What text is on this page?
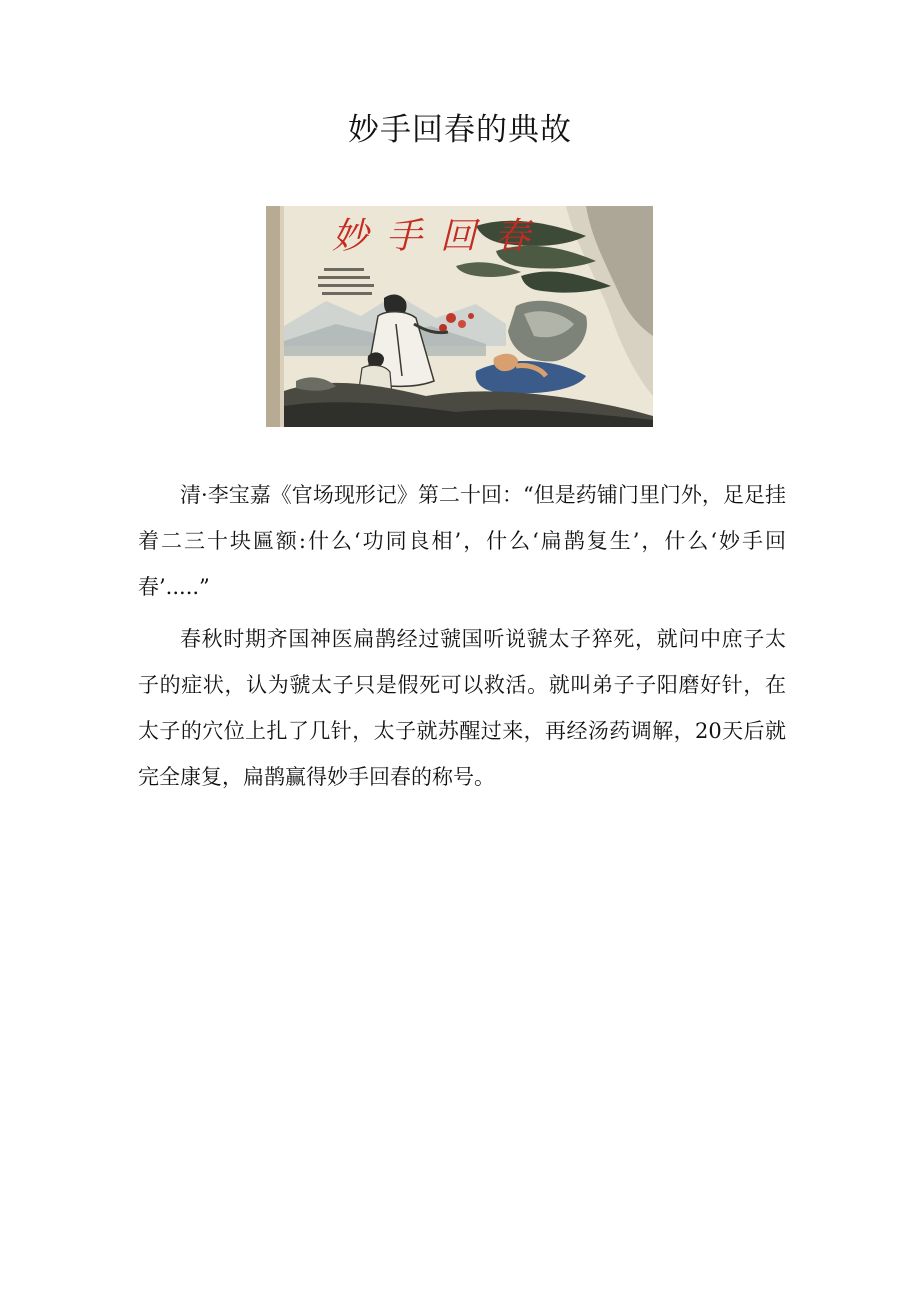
妙手回春的典故
妙手回春

清·李宝嘉《官场现形记》第二十回：“但是药铺门里门外，足足挂着二三十块匾额:什么‘功同良相’，什么‘扁鹊复生’，什么‘妙手回春’.....”

春秋时期齐国神医扁鹊经过虢国听说虢太子猝死，就问中庶子太子的症状，认为虢太子只是假死可以救活。就叫弟子子阳磨好针，在太子的穴位上扎了几针，太子就苏醒过来，再经汤药调解，20天后就完全康复，扁鹊赢得妙手回春的称号。
